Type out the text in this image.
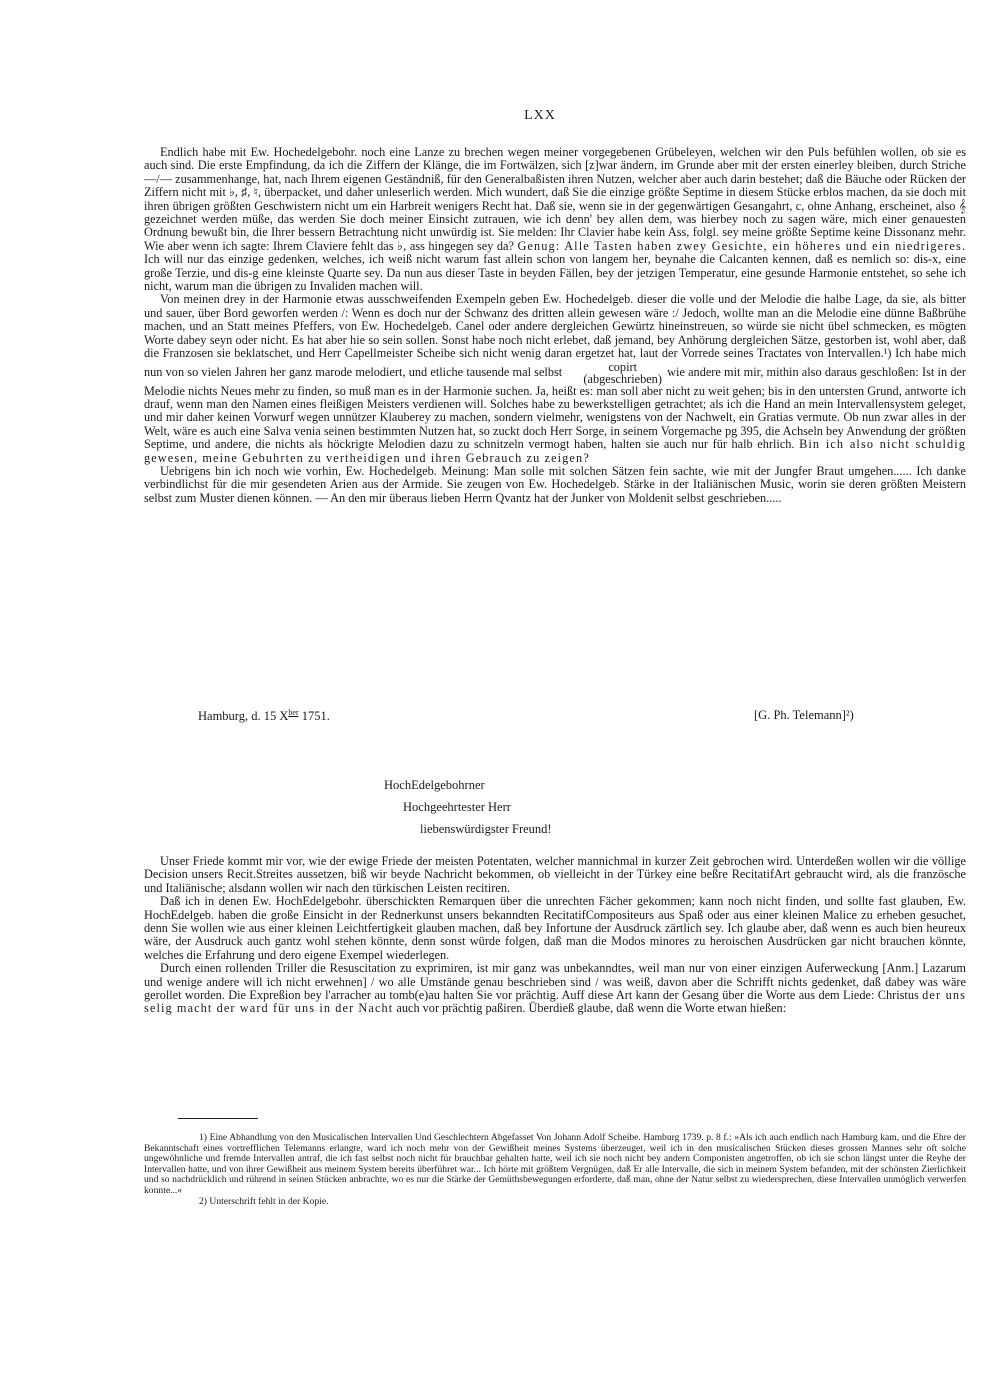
LXX

Endlich habe mit Ew. Hochedelgebohr. noch eine Lanze zu brechen wegen meiner vorgegebenen Grübeleyen, welchen wir den Puls befühlen wollen, ob sie es auch sind. Die erste Empfindung, da ich die Ziffern der Klänge, die im Fortwälzen, sich [z]war ändern, im Grunde aber mit der ersten einerley bleiben, durch Striche —/— zusammenhange, hat, nach Ihrem eigenen Geständniß, für den Generalbaßisten ihren Nutzen, welcher aber auch darin bestehet; daß die Bäuche oder Rücken der Ziffern nicht mit ♭, ♯, ♮, überpacket, und daher unleserlich werden. Mich wundert, daß Sie die einzige größte Septime in diesem Stücke erblos machen, da sie doch mit ihren übrigen größten Geschwistern nicht um ein Harbreit wenigers Recht hat. Daß sie, wenn sie in der gegenwärtigen Gesangahrt, c, ohne Anhang, erscheinet, also 𝄞 gezeichnet werden müße, das werden Sie doch meiner Einsicht zutrauen, wie ich denn' bey allen dem, was hierbey noch zu sagen wäre, mich einer genauesten Ordnung bewußt bin, die Ihrer bessern Betrachtung nicht unwürdig ist. Sie melden: Ihr Clavier habe kein Ass, folgl. sey meine größte Septime keine Dissonanz mehr. Wie aber wenn ich sagte: Ihrem Claviere fehlt das ♭, ass hingegen sey da? Genug: Alle Tasten haben zwey Gesichte, ein höheres und ein niedrigeres. Ich will nur das einzige gedenken, welches, ich weiß nicht warum fast allein schon von langem her, beynahe die Calcanten kennen, daß es nemlich so: dis-x, eine große Terzie, und dis-g eine kleinste Quarte sey. Da nun aus dieser Taste in beyden Fällen, bey der jetzigen Temperatur, eine gesunde Harmonie entstehet, so sehe ich nicht, warum man die übrigen zu Invaliden machen will.

Von meinen drey in der Harmonie etwas ausschweifenden Exempeln geben Ew. Hochedelgeb. dieser die volle und der Melodie die halbe Lage, da sie, als bitter und sauer, über Bord geworfen werden /: Wenn es doch nur der Schwanz des dritten allein gewesen wäre :/ Jedoch, wollte man an die Melodie eine dünne Baßbrühe machen, und an Statt meines Pfeffers, von Ew. Hochedelgeb. Canel oder andere dergleichen Gewürtz hineinstreuen, so würde sie nicht übel schmecken, es mögten Worte dabey seyn oder nicht. Es hat aber hie so sein sollen. Sonst habe noch nicht erlebet, daß jemand, bey Anhörung dergleichen Sätze, gestorben ist, wohl aber, daß die Franzosen sie beklatschet, und Herr Capellmeister Scheibe sich nicht wenig daran ergetzet hat, laut der Vorrede seines Tractates von Intervallen.¹) Ich habe mich nun von so vielen Jahren her ganz marode melodiert, und etliche tausende mal selbst	copirt
(abgeschrieben)
wie andere mit mir, mithin also daraus geschloßen: Ist in der Melodie nichts Neues mehr zu finden, so muß man es in der Harmonie suchen. Ja, heißt es: man soll aber nicht zu weit gehen; bis in den untersten Grund, antworte ich drauf, wenn man den Namen eines fleißigen Meisters verdienen will. Solches habe zu bewerkstelligen getrachtet; als ich die Hand an mein Intervallensystem geleget, und mir daher keinen Vorwurf wegen unnützer Klauberey zu machen, sondern vielmehr, wenigstens von der Nachwelt, ein Gratias vermute. Ob nun zwar alles in der Welt, wäre es auch eine Salva venia seinen bestimmten Nutzen hat, so zuckt doch Herr Sorge, in seinem Vorgemache pg 395, die Achseln bey Anwendung der größten Septime, und andere, die nichts als höckrigte Melodien dazu zu schnitzeln vermogt haben, halten sie auch nur für halb ehrlich. Bin ich also nicht schuldig gewesen, meine Gebuhrten zu vertheidigen und ihren Gebrauch zu zeigen?

Uebrigens bin ich noch wie vorhin, Ew. Hochedelgeb. Meinung: Man solle mit solchen Sätzen fein sachte, wie mit der Jungfer Braut umgehen...... Ich danke verbindlichst für die mir gesendeten Arien aus der Armide. Sie zeugen von Ew. Hochedelgeb. Stärke in der Italiänischen Music, worin sie deren größten Meistern selbst zum Muster dienen können. — An den mir überaus lieben Herrn Qvantz hat der Junker von Moldenit selbst geschrieben.....

Hamburg, d. 15 $X^{ber}$ 1751.	[G. Ph. Telemann]²)
HochEdelgebohrner
Hochgeehrtester Herr
liebenswürdigster Freund!

Unser Friede kommt mir vor, wie der ewige Friede der meisten Potentaten, welcher mannichmal in kurzer Zeit gebrochen wird. Unterdeßen wollen wir die völlige Decision unsers Recit.Streites aussetzen, biß wir beyde Nachricht bekommen, ob vielleicht in der Türkey eine beßre RecitatifArt gebraucht wird, als die französche und Italiänische; alsdann wollen wir nach den türkischen Leisten recitiren.

Daß ich in denen Ew. HochEdelgebohr. überschickten Remarquen über die unrechten Fächer gekommen; kann noch nicht finden, und sollte fast glauben, Ew. HochEdelgeb. haben die große Einsicht in der Rednerkunst unsers bekanndten RecitatifCompositeurs aus Spaß oder aus einer kleinen Malice zu erheben gesuchet, denn Sie wollen wie aus einer kleinen Leichtfertigkeit glauben machen, daß bey Infortune der Ausdruck zärtlich sey. Ich glaube aber, daß wenn es auch bien heureux wäre, der Ausdruck auch gantz wohl stehen könnte, denn sonst würde folgen, daß man die Modos minores zu heroischen Ausdrücken gar nicht brauchen könnte, welches die Erfahrung und dero eigene Exempel wiederlegen.

Durch einen rollenden Triller die Resuscitation zu exprimiren, ist mir ganz was unbekanndtes, weil man nur von einer einzigen Auferweckung [Anm.] Lazarum und wenige andere will ich nicht erwehnen] / wo alle Umstände genau beschrieben sind / was weiß, davon aber die Schrifft nichts gedenket, daß dabey was wäre gerollet worden. Die Expreßion bey l'arracher au tomb(e)au halten Sie vor prächtig. Auff diese Art kann der Gesang über die Worte aus dem Liede: Christus der uns selig macht der ward für uns in der Nacht auch vor prächtig paßiren. Überdieß glaube, daß wenn die Worte etwan hießen:

1) Eine Abhandlung von den Musicalischen Intervallen Und Geschlechtern Abgefasset Von Johann Adolf Scheibe. Hamburg 1739. p. 8 f.: »Als ich auch endlich nach Hamburg kam, und die Ehre der Bekanntschaft eines vortrefflichen Telemanns erlangte, ward ich noch mehr von der Gewißheit meines Systems überzeuget, weil ich in den musicalischen Stücken dieses grossen Mannes sehr oft solche ungewöhnliche und fremde Intervallen antraf, die ich fast selbst noch nicht für brauchbar gehalten hatte, weil ich sie noch nicht bey andern Componisten angetroffen, ob ich sie schon längst unter die Reyhe der Intervallen hatte, und von ihrer Gewißheit aus meinem System bereits überführet war... Ich hörte mit größtem Vergnügen, daß Er alle Intervalle, die sich in meinem System befanden, mit der schönsten Zierlichkeit und so nachdrücklich und rührend in seinen Stücken anbrachte, wo es nur die Stärke der Gemüthsbewegungen erforderte, daß man, ohne der Natur selbst zu wiedersprechen, diese Intervallen unmöglich verwerfen konnte...«

2) Unterschrift fehlt in der Kopie.
